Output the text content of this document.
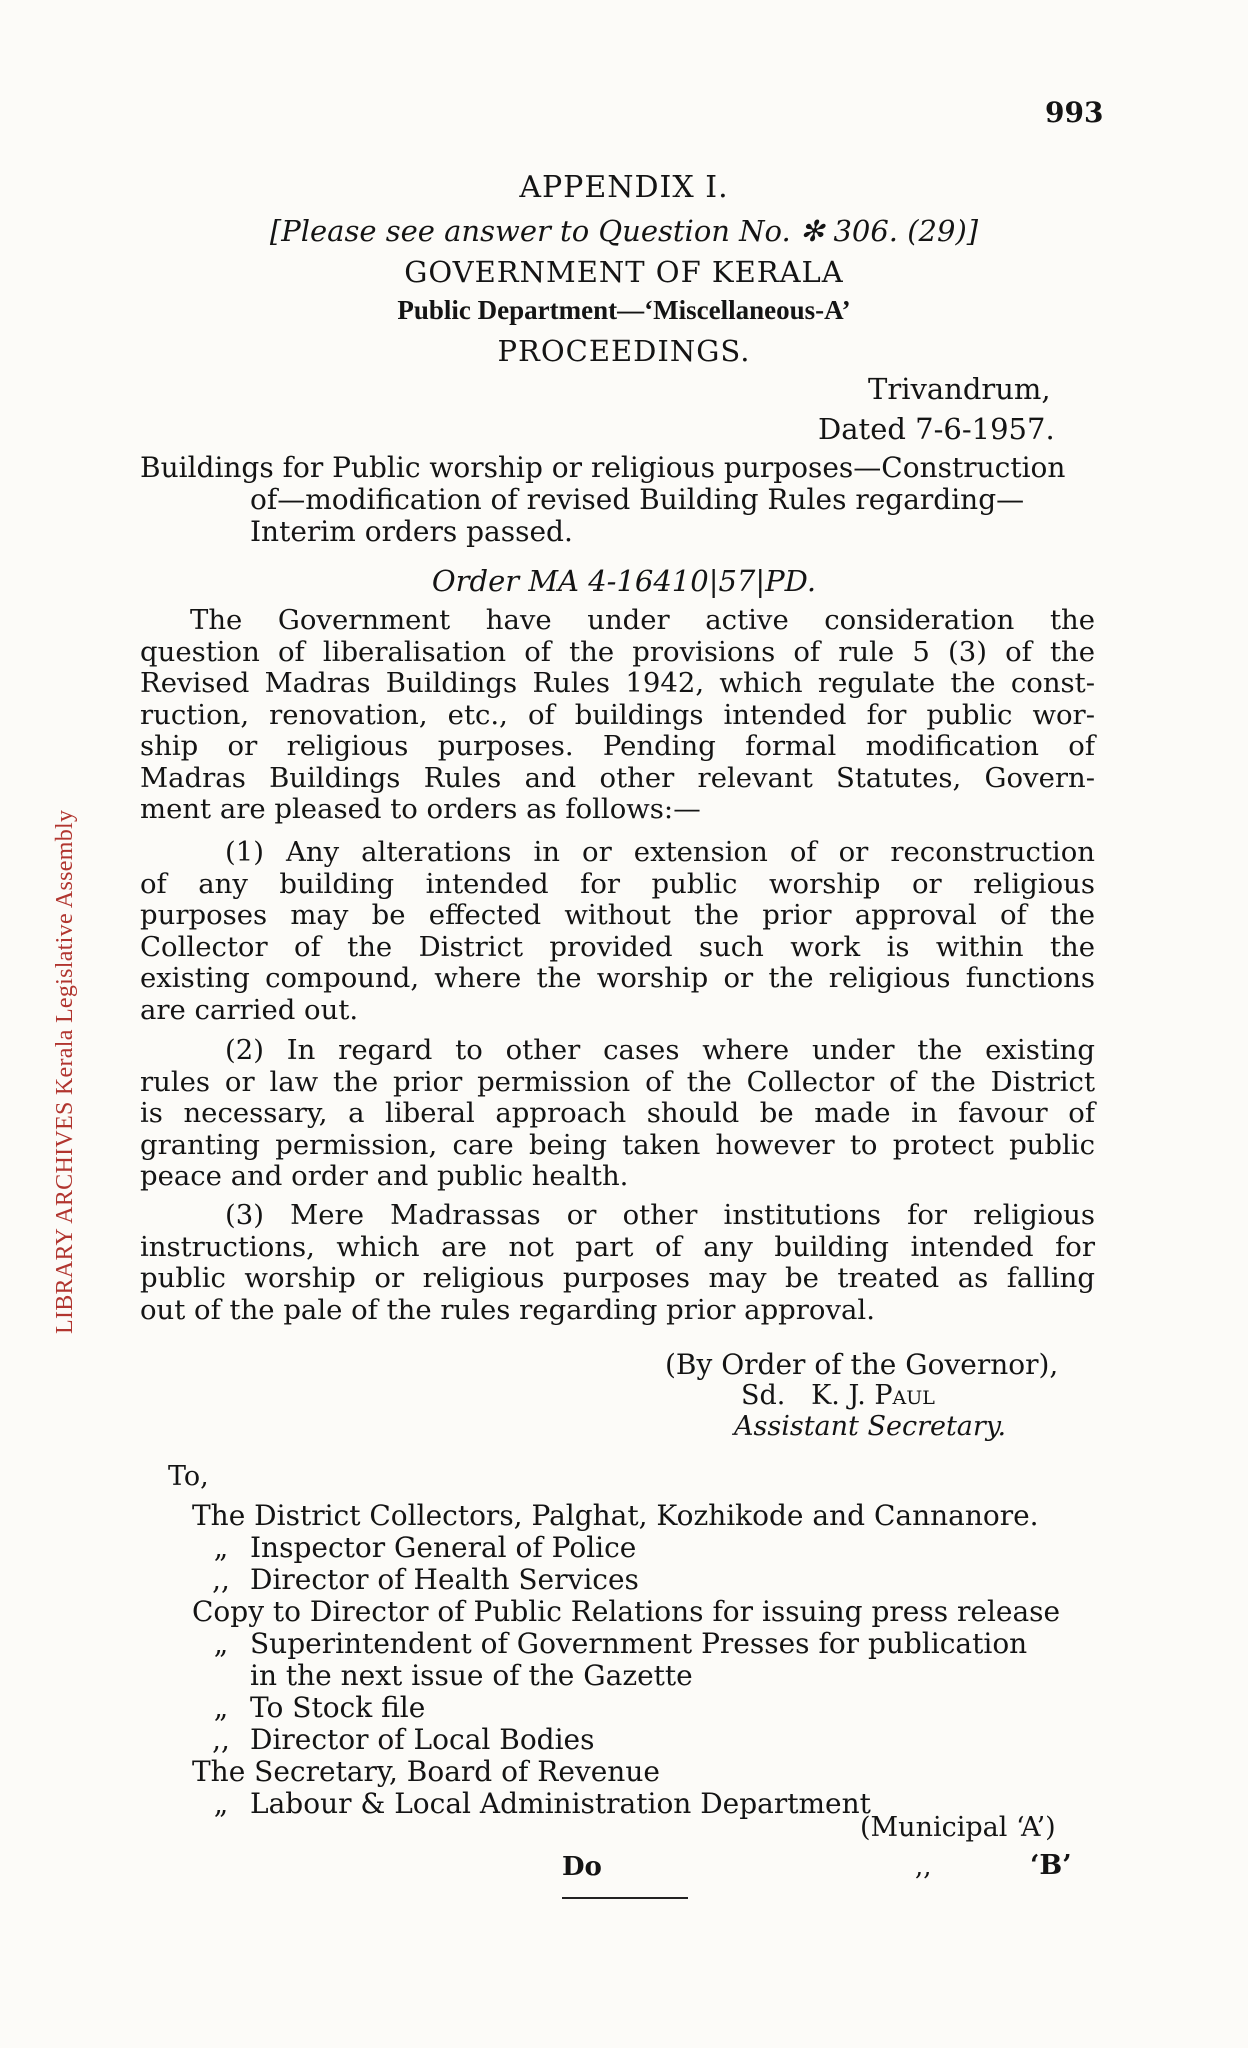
LIBRARY ARCHIVES Kerala Legislative Assembly
993
APPENDIX I.
[Please see answer to Question No. ✻ 306. (29)]
GOVERNMENT OF KERALA
Public Department—‘Miscellaneous-A’
PROCEEDINGS.
Trivandrum,
Dated 7-6-1957.
Buildings for Public worship or religious purposes—Construction
of—modification of revised Building Rules regarding—
Interim orders passed.
Order MA 4-16410|57|PD.
The Government have under active consideration the
question of liberalisation of the provisions of rule 5 (3) of the
Revised Madras Buildings Rules 1942, which regulate the const-
ruction, renovation, etc., of buildings intended for public wor-
ship or religious purposes. Pending formal modification of
Madras Buildings Rules and other relevant Statutes, Govern-
ment are pleased to orders as follows:—
(1) Any alterations in or extension of or reconstruction
of any building intended for public worship or religious
purposes may be effected without the prior approval of the
Collector of the District provided such work is within the
existing compound, where the worship or the religious functions
are carried out.
(2) In regard to other cases where under the existing
rules or law the prior permission of the Collector of the District
is necessary, a liberal approach should be made in favour of
granting permission, care being taken however to protect public
peace and order and public health.
(3) Mere Madrassas or other institutions for religious
instructions, which are not part of any building intended for
public worship or religious purposes may be treated as falling
out of the pale of the rules regarding prior approval.
(By Order of the Governor),
Sd. K. J. Paul
Assistant Secretary.
To,
The District Collectors, Palghat, Kozhikode and Cannanore.
„ Inspector General of Police
,, Director of Health Services
Copy to Director of Public Relations for issuing press release
„ Superintendent of Government Presses for publication
in the next issue of the Gazette
„ To Stock file
,, Director of Local Bodies
The Secretary, Board of Revenue
„ Labour & Local Administration Department
(Municipal ‘A’)
Do	,,	‘B’
